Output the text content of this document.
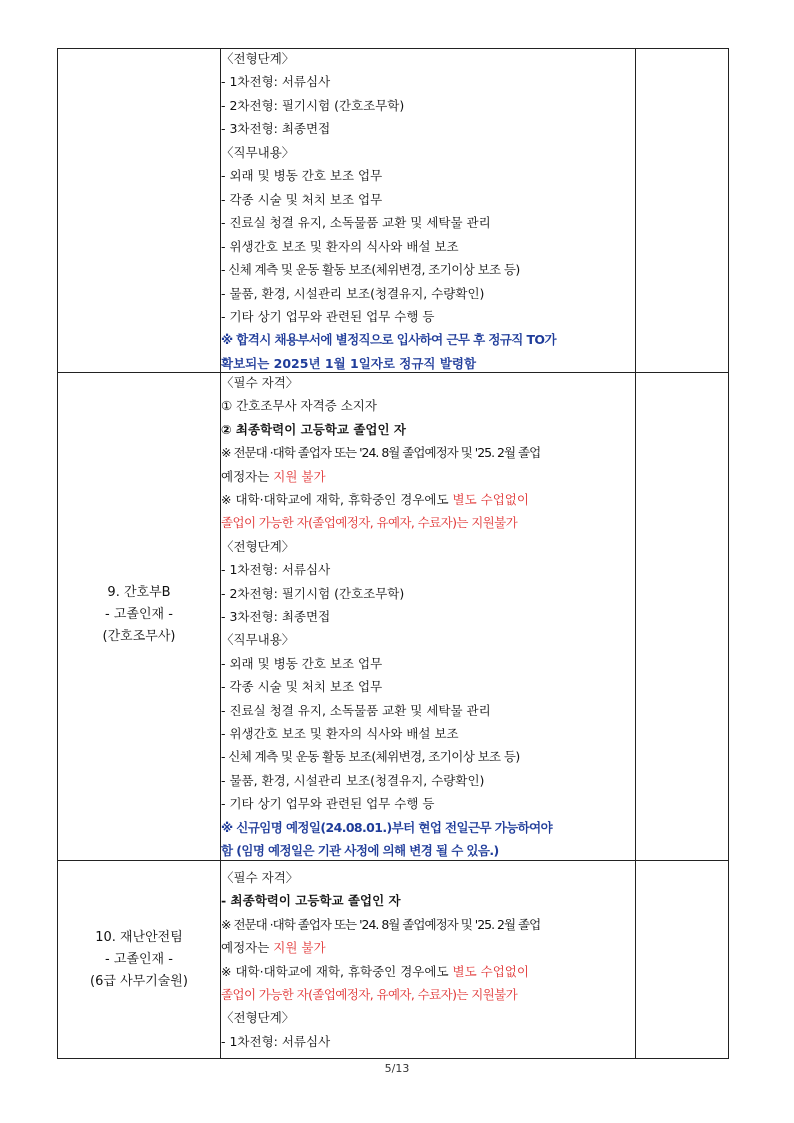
〈전형단계〉
- 1차전형: 서류심사
- 2차전형: 필기시험 (간호조무학)
- 3차전형: 최종면접
〈직무내용〉
- 외래 및 병동 간호 보조 업무
- 각종 시술 및 처치 보조 업무
- 진료실 청결 유지, 소독물품 교환 및 세탁물 관리
- 위생간호 보조 및 환자의 식사와 배설 보조
- 신체 계측 및 운동 활동 보조(체위변경, 조기이상 보조 등)
- 물품, 환경, 시설관리 보조(청결유지, 수량확인)
- 기타 상기 업무와 관련된 업무 수행 등
※ 합격시 채용부서에 별정직으로 입사하여 근무 후 정규직 TO가
확보되는 2025년 1월 1일자로 정규직 발령함
9. 간호부B
- 고졸인재 -
(간호조무사)
〈필수 자격〉
① 간호조무사 자격증 소지자
② 최종학력이 고등학교 졸업인 자
※ 전문대 ·대학 졸업자 또는 '24. 8월 졸업예정자 및 '25. 2월 졸업
예정자는 지원 불가
※ 대학·대학교에 재학, 휴학중인 경우에도 별도 수업없이
졸업이 가능한 자(졸업예정자, 유예자, 수료자)는 지원불가
〈전형단계〉
- 1차전형: 서류심사
- 2차전형: 필기시험 (간호조무학)
- 3차전형: 최종면접
〈직무내용〉
- 외래 및 병동 간호 보조 업무
- 각종 시술 및 처치 보조 업무
- 진료실 청결 유지, 소독물품 교환 및 세탁물 관리
- 위생간호 보조 및 환자의 식사와 배설 보조
- 신체 계측 및 운동 활동 보조(체위변경, 조기이상 보조 등)
- 물품, 환경, 시설관리 보조(청결유지, 수량확인)
- 기타 상기 업무와 관련된 업무 수행 등
※ 신규임명 예정일(24.08.01.)부터 현업 전일근무 가능하여야
함 (임명 예정일은 기관 사정에 의해 변경 될 수 있음.)
10. 재난안전팀
- 고졸인재 -
(6급 사무기술원)
〈필수 자격〉
- 최종학력이 고등학교 졸업인 자
※ 전문대 ·대학 졸업자 또는 '24. 8월 졸업예정자 및 '25. 2월 졸업
예정자는 지원 불가
※ 대학·대학교에 재학, 휴학중인 경우에도 별도 수업없이
졸업이 가능한 자(졸업예정자, 유예자, 수료자)는 지원불가
〈전형단계〉
- 1차전형: 서류심사
5/13
